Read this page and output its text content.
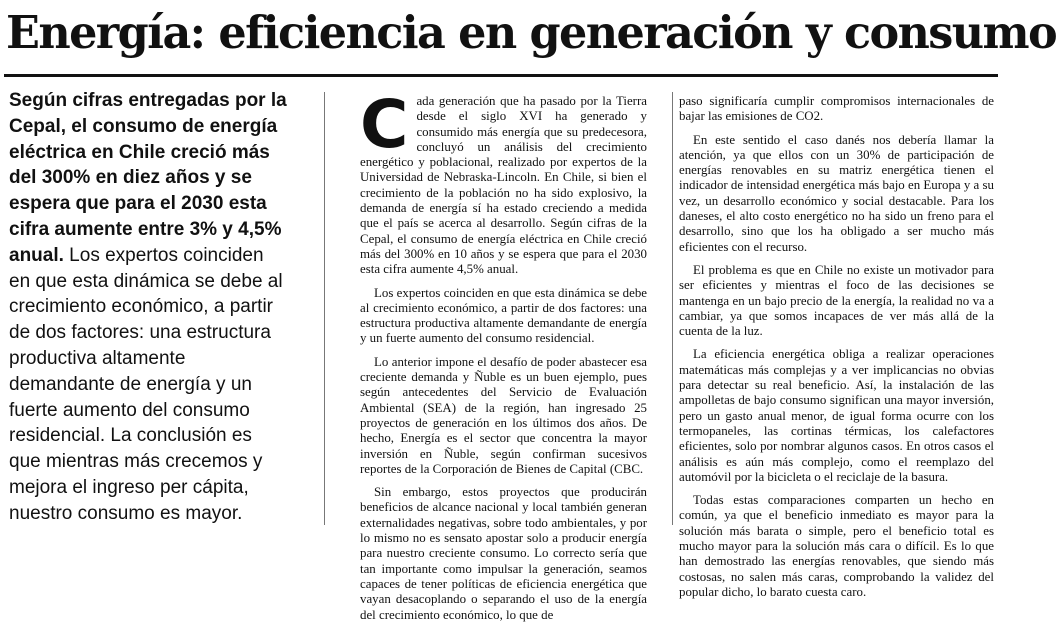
Energía: eficiencia en generación y consumo

Según cifras entregadas por la Cepal, el consumo de energía eléctrica en Chile creció más del 300% en diez años y se espera que para el 2030 esta cifra aumente entre 3% y 4,5% anual. Los expertos coinciden en que esta dinámica se debe al crecimiento económico, a partir de dos factores: una estructura productiva altamente demandante de energía y un fuerte aumento del consumo residencial. La conclusión es que mientras más crecemos y mejora el ingreso per cápita, nuestro consumo es mayor.

Cada generación que ha pasado por la Tierra desde el siglo XVI ha generado y consumido más energía que su predecesora, concluyó un análisis del crecimiento energético y poblacional, realizado por expertos de la Universidad de Nebraska-Lincoln. En Chile, si bien el crecimiento de la población no ha sido explosivo, la demanda de energía sí ha estado creciendo a medida que el país se acerca al desarrollo. Según cifras de la Cepal, el consumo de energía eléctrica en Chile creció más del 300% en 10 años y se espera que para el 2030 esta cifra aumente 4,5% anual.

Los expertos coinciden en que esta dinámica se debe al crecimiento económico, a partir de dos factores: una estructura productiva altamente demandante de energía y un fuerte aumento del consumo residencial.

Lo anterior impone el desafío de poder abastecer esa creciente demanda y Ñuble es un buen ejemplo, pues según antecedentes del Servicio de Evaluación Ambiental (SEA) de la región, han ingresado 25 proyectos de generación en los últimos dos años. De hecho, Energía es el sector que concentra la mayor inversión en Ñuble, según confirman sucesivos reportes de la Corporación de Bienes de Capital (CBC.

Sin embargo, estos proyectos que producirán beneficios de alcance nacional y local también generan externalidades negativas, sobre todo ambientales, y por lo mismo no es sensato apostar solo a producir energía para nuestro creciente consumo. Lo correcto sería que tan importante como impulsar la generación, seamos capaces de tener políticas de eficiencia energética que vayan desacoplando o separando el uso de la energía del crecimiento económico, lo que de

paso significaría cumplir compromisos internacionales de bajar las emisiones de CO2.

En este sentido el caso danés nos debería llamar la atención, ya que ellos con un 30% de participación de energías renovables en su matriz energética tienen el indicador de intensidad energética más bajo en Europa y a su vez, un desarrollo económico y social destacable. Para los daneses, el alto costo energético no ha sido un freno para el desarrollo, sino que los ha obligado a ser mucho más eficientes con el recurso.

El problema es que en Chile no existe un motivador para ser eficientes y mientras el foco de las decisiones se mantenga en un bajo precio de la energía, la realidad no va a cambiar, ya que somos incapaces de ver más allá de la cuenta de la luz.

La eficiencia energética obliga a realizar operaciones matemáticas más complejas y a ver implicancias no obvias para detectar su real beneficio. Así, la instalación de las ampolletas de bajo consumo significan una mayor inversión, pero un gasto anual menor, de igual forma ocurre con los termopaneles, las cortinas térmicas, los calefactores eficientes, solo por nombrar algunos casos. En otros casos el análisis es aún más complejo, como el reemplazo del automóvil por la bicicleta o el reciclaje de la basura.

Todas estas comparaciones comparten un hecho en común, ya que el beneficio inmediato es mayor para la solución más barata o simple, pero el beneficio total es mucho mayor para la solución más cara o difícil. Es lo que han demostrado las energías renovables, que siendo más costosas, no salen más caras, comprobando la validez del popular dicho, lo barato cuesta caro.
